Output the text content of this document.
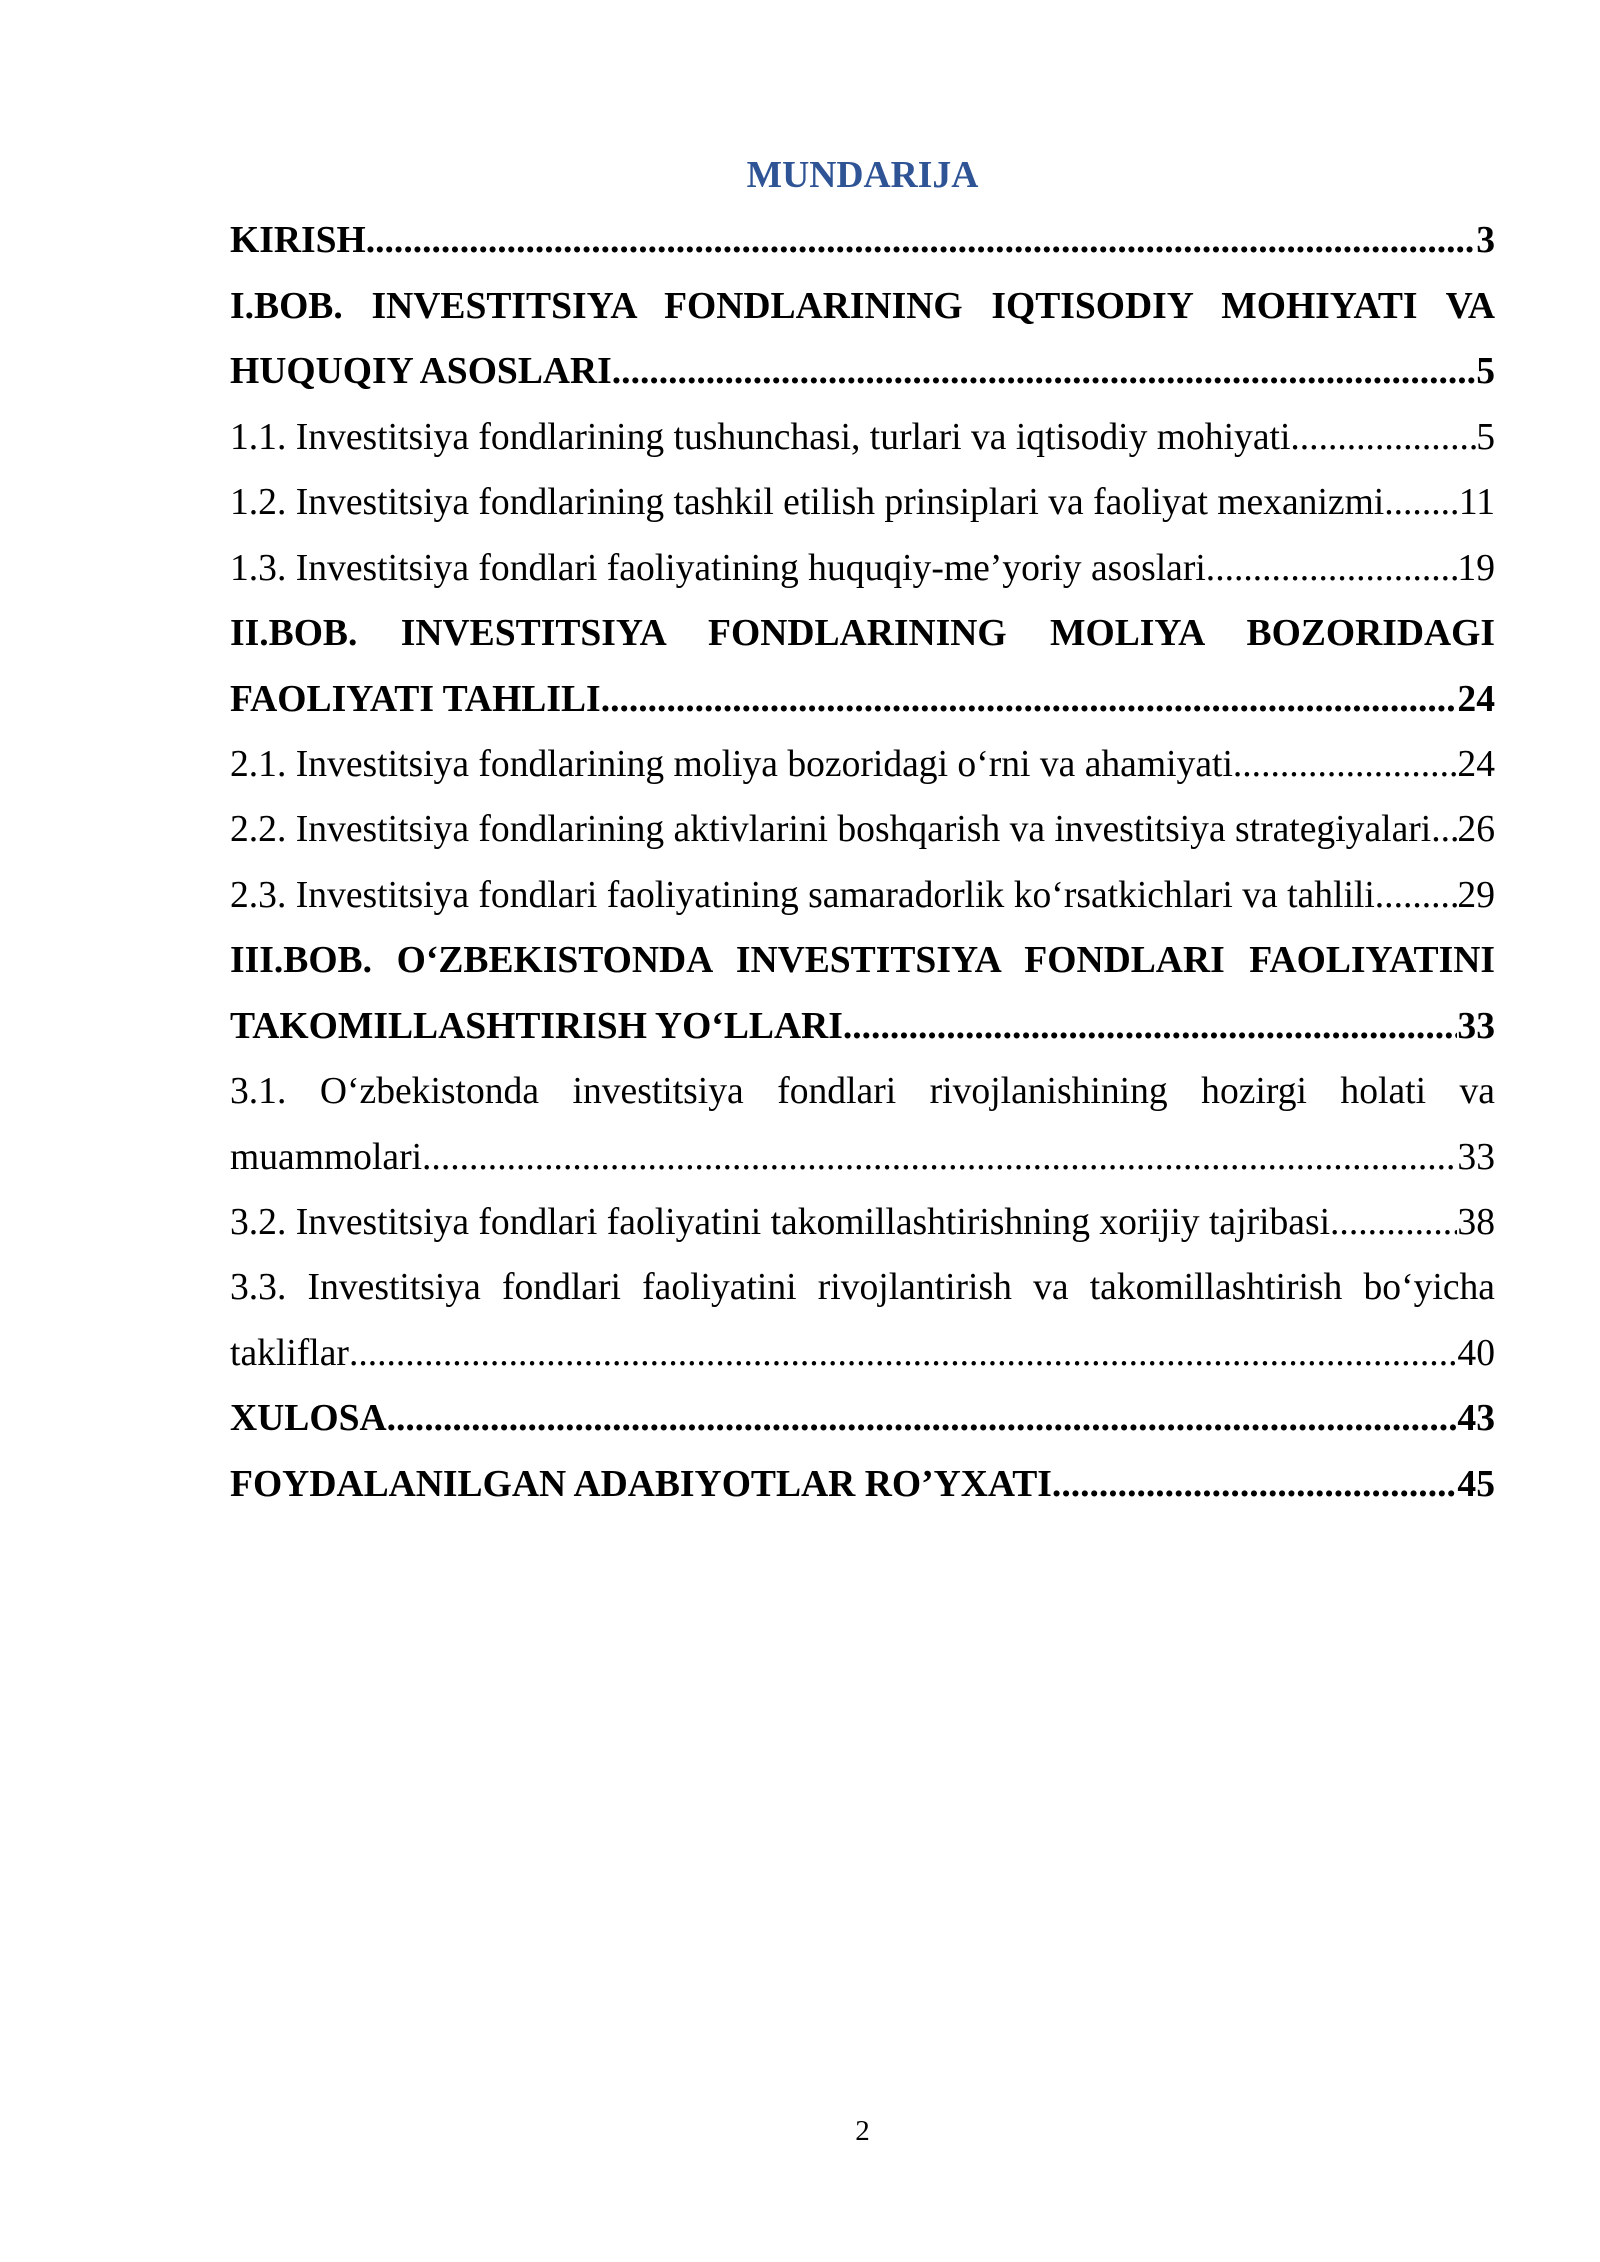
MUNDARIJA
KIRISH .....	3
I.BOB. INVESTITSIYA FONDLARINING IQTISODIY MOHIYATI VA
HUQUQIY ASOSLARI .....	5
1.1. Investitsiya fondlarining tushunchasi, turlari va iqtisodiy mohiyati .....	5
1.2. Investitsiya fondlarining tashkil etilish prinsiplari va faoliyat mexanizmi ..... 11
1.3. Investitsiya fondlari faoliyatining huquqiy-me’yoriy asoslari .....	19
II.BOB. INVESTITSIYA FONDLARINING MOLIYA BOZORIDAGI
FAOLIYATI TAHLILI .....	24
2.1. Investitsiya fondlarining moliya bozoridagi o‘rni va ahamiyati .....	24
2.2. Investitsiya fondlarining aktivlarini boshqarish va investitsiya strategiyalari. ..... 26
2.3. Investitsiya fondlari faoliyatining samaradorlik ko‘rsatkichlari va tahlili ..... 29
III.BOB. O‘ZBEKISTONDA INVESTITSIYA FONDLARI FAOLIYATINI
TAKOMILLASHTIRISH YO‘LLARI .....	33
3.1. O‘zbekistonda investitsiya fondlari rivojlanishining hozirgi holati va
muammolari .....	33
3.2. Investitsiya fondlari faoliyatini takomillashtirishning xorijiy tajribasi .....	38
3.3. Investitsiya fondlari faoliyatini rivojlantirish va takomillashtirish bo‘yicha
takliflar .....	40
XULOSA .....	43
FOYDALANILGAN ADABIYOTLAR RO’YXATI .....	45
2
